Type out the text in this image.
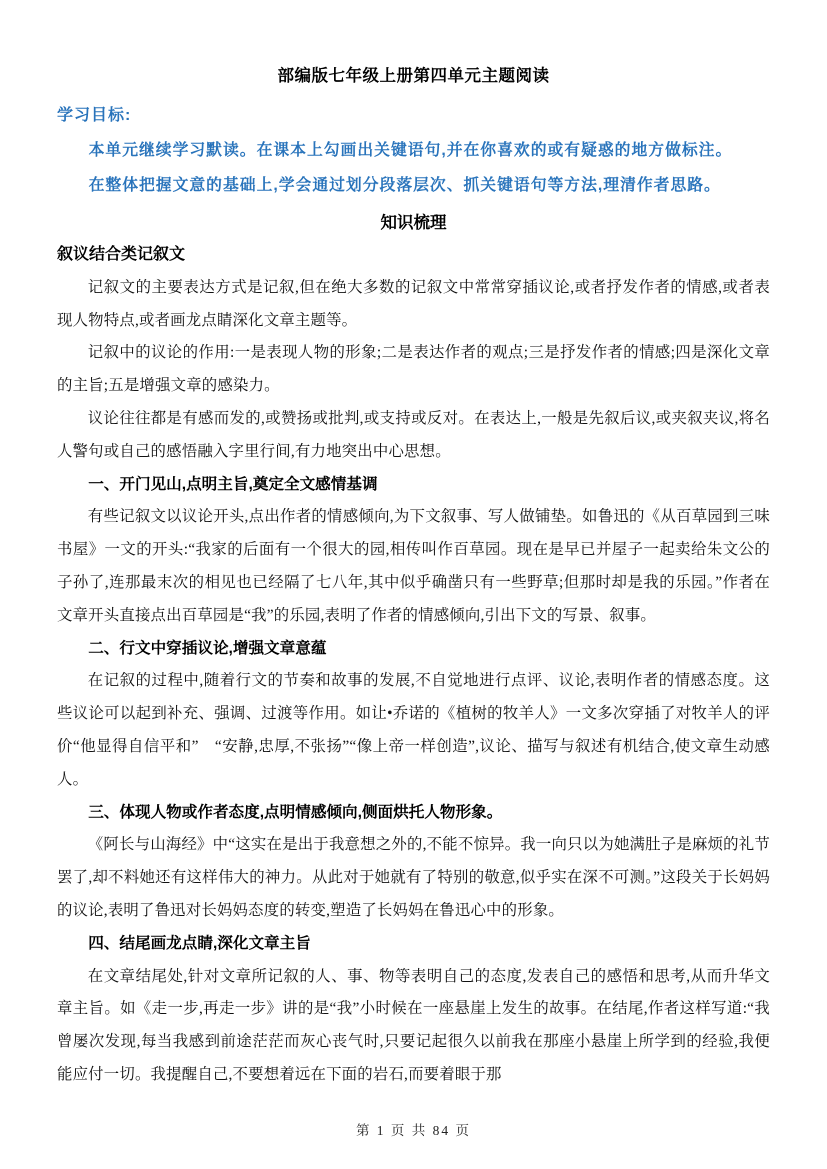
部编版七年级上册第四单元主题阅读

学习目标:

本单元继续学习默读。在课本上勾画出关键语句,并在你喜欢的或有疑惑的地方做标注。

在整体把握文意的基础上,学会通过划分段落层次、抓关键语句等方法,理清作者思路。

知识梳理

叙议结合类记叙文

记叙文的主要表达方式是记叙,但在绝大多数的记叙文中常常穿插议论,或者抒发作者的情感,或者表现人物特点,或者画龙点睛深化文章主题等。

记叙中的议论的作用:一是表现人物的形象;二是表达作者的观点;三是抒发作者的情感;四是深化文章的主旨;五是增强文章的感染力。

议论往往都是有感而发的,或赞扬或批判,或支持或反对。在表达上,一般是先叙后议,或夹叙夹议,将名人警句或自己的感悟融入字里行间,有力地突出中心思想。

一、开门见山,点明主旨,奠定全文感情基调

有些记叙文以议论开头,点出作者的情感倾向,为下文叙事、写人做铺垫。如鲁迅的《从百草园到三味书屋》一文的开头:“我家的后面有一个很大的园,相传叫作百草园。现在是早已并屋子一起卖给朱文公的子孙了,连那最末次的相见也已经隔了七八年,其中似乎确凿只有一些野草;但那时却是我的乐园。”作者在文章开头直接点出百草园是“我”的乐园,表明了作者的情感倾向,引出下文的写景、叙事。

二、行文中穿插议论,增强文章意蕴

在记叙的过程中,随着行文的节奏和故事的发展,不自觉地进行点评、议论,表明作者的情感态度。这些议论可以起到补充、强调、过渡等作用。如让•乔诺的《植树的牧羊人》一文多次穿插了对牧羊人的评价“他显得自信平和”　“安静,忠厚,不张扬”“像上帝一样创造”,议论、描写与叙述有机结合,使文章生动感人。

三、体现人物或作者态度,点明情感倾向,侧面烘托人物形象。

《阿长与山海经》中“这实在是出于我意想之外的,不能不惊异。我一向只以为她满肚子是麻烦的礼节罢了,却不料她还有这样伟大的神力。从此对于她就有了特别的敬意,似乎实在深不可测。”这段关于长妈妈的议论,表明了鲁迅对长妈妈态度的转变,塑造了长妈妈在鲁迅心中的形象。

四、结尾画龙点睛,深化文章主旨

在文章结尾处,针对文章所记叙的人、事、物等表明自己的态度,发表自己的感悟和思考,从而升华文章主旨。如《走一步,再走一步》讲的是“我”小时候在一座悬崖上发生的故事。在结尾,作者这样写道:“我曾屡次发现,每当我感到前途茫茫而灰心丧气时,只要记起很久以前我在那座小悬崖上所学到的经验,我便能应付一切。我提醒自己,不要想着远在下面的岩石,而要着眼于那

第 1 页 共 84 页
